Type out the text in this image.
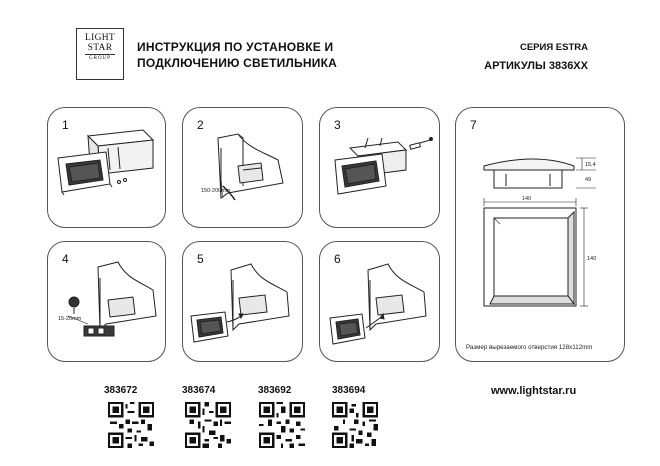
LIGHT
STAR
GROUP
ИНСТРУКЦИЯ ПО УСТАНОВКЕ И
ПОДКЛЮЧЕНИЮ СВЕТИЛЬНИКА
СЕРИЯ ESTRA
АРТИКУЛЫ 3836ХХ
1	2
150-200mm
3
4
15-20mm
5	6
7
15,4
49
140
140
Размер вырезаемого отверстия 128х112mm
383672	383674	383692	383694	www.lightstar.ru
